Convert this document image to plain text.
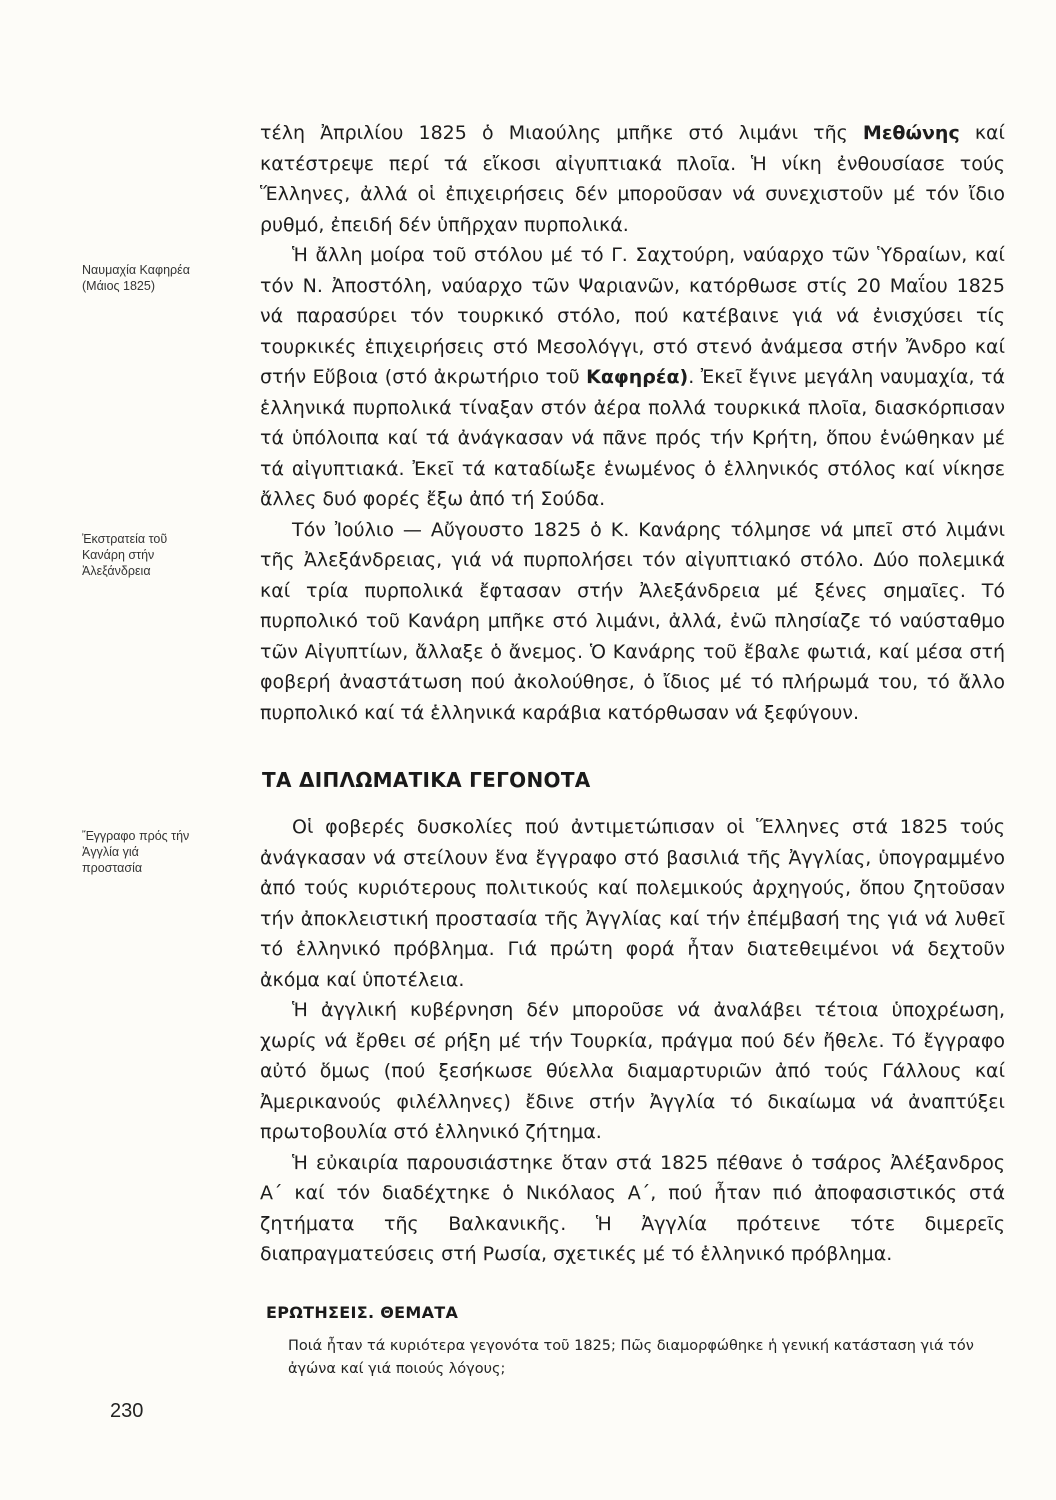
Ναυμαχία Καφηρέα
(Μάιος 1825)
Ἐκστρατεία τοῦ
Κανάρη στήν
Ἀλεξάνδρεια
Ἔγγραφο πρός τήν
Ἀγγλία γιά
προστασία

τέλη Ἀπριλίου 1825 ὁ Μιαούλης μπῆκε στό λιμάνι τῆς Μεθώνης καί κατέστρεψε περί τά εἴκοσι αἰγυπτιακά πλοῖα. Ἡ νίκη ἐνθουσίασε τούς Ἕλληνες, ἀλλά οἱ ἐπιχειρήσεις δέν μποροῦσαν νά συνεχιστοῦν μέ τόν ἴδιο ρυθμό, ἐπειδή δέν ὑπῆρχαν πυρπολικά.

Ἡ ἄλλη μοίρα τοῦ στόλου μέ τό Γ. Σαχτούρη, ναύαρχο τῶν Ὑδραίων, καί τόν Ν. Ἀποστόλη, ναύαρχο τῶν Ψαριανῶν, κατόρθωσε στίς 20 Μαΐου 1825 νά παρασύρει τόν τουρκικό στόλο, πού κατέβαινε γιά νά ἐνισχύσει τίς τουρκικές ἐπιχειρήσεις στό Μεσολόγγι, στό στενό ἀνάμεσα στήν Ἄνδρο καί στήν Εὔβοια (στό ἀκρωτήριο τοῦ Καφηρέα). Ἐκεῖ ἔγινε μεγάλη ναυμαχία, τά ἑλληνικά πυρπολικά τίναξαν στόν ἀέρα πολλά τουρκικά πλοῖα, διασκόρπισαν τά ὑπόλοιπα καί τά ἀνάγκασαν νά πᾶνε πρός τήν Κρήτη, ὅπου ἑνώθηκαν μέ τά αἰγυπτιακά. Ἐκεῖ τά καταδίωξε ἑνωμένος ὁ ἑλληνικός στόλος καί νίκησε ἄλλες δυό φορές ἔξω ἀπό τή Σούδα.

Τόν Ἰούλιο — Αὔγουστο 1825 ὁ Κ. Κανάρης τόλμησε νά μπεῖ στό λιμάνι τῆς Ἀλεξάνδρειας, γιά νά πυρπολήσει τόν αἰγυπτιακό στόλο. Δύο πολεμικά καί τρία πυρπολικά ἔφτασαν στήν Ἀλεξάνδρεια μέ ξένες σημαῖες. Τό πυρπολικό τοῦ Κανάρη μπῆκε στό λιμάνι, ἀλλά, ἐνῶ πλησίαζε τό ναύσταθμο τῶν Αἰγυπτίων, ἄλλαξε ὁ ἄνεμος. Ὁ Κανάρης τοῦ ἔβαλε φωτιά, καί μέσα στή φοβερή ἀναστάτωση πού ἀκολούθησε, ὁ ἴδιος μέ τό πλήρωμά του, τό ἄλλο πυρπολικό καί τά ἑλληνικά καράβια κατόρθωσαν νά ξεφύγουν.

ΤΑ ΔΙΠΛΩΜΑΤΙΚΑ ΓΕΓΟΝΟΤΑ

Οἱ φοβερές δυσκολίες πού ἀντιμετώπισαν οἱ Ἕλληνες στά 1825 τούς ἀνάγκασαν νά στείλουν ἕνα ἔγγραφο στό βασιλιά τῆς Ἀγγλίας, ὑπογραμμένο ἀπό τούς κυριότερους πολιτικούς καί πολεμικούς ἀρχηγούς, ὅπου ζητοῦσαν τήν ἀποκλειστική προστασία τῆς Ἀγγλίας καί τήν ἐπέμβασή της γιά νά λυθεῖ τό ἑλληνικό πρόβλημα. Γιά πρώτη φορά ἦταν διατεθειμένοι νά δεχτοῦν ἀκόμα καί ὑποτέλεια.

Ἡ ἀγγλική κυβέρνηση δέν μποροῦσε νά ἀναλάβει τέτοια ὑποχρέωση, χωρίς νά ἔρθει σέ ρήξη μέ τήν Τουρκία, πράγμα πού δέν ἤθελε. Τό ἔγγραφο αὐτό ὅμως (πού ξεσήκωσε θύελλα διαμαρτυριῶν ἀπό τούς Γάλλους καί Ἀμερικανούς φιλέλληνες) ἔδινε στήν Ἀγγλία τό δικαίωμα νά ἀναπτύξει πρωτοβουλία στό ἑλληνικό ζήτημα.

Ἡ εὐκαιρία παρουσιάστηκε ὅταν στά 1825 πέθανε ὁ τσάρος Ἀλέξανδρος Α΄ καί τόν διαδέχτηκε ὁ Νικόλαος Α΄, πού ἦταν πιό ἀποφασιστικός στά ζητήματα τῆς Βαλκανικῆς. Ἡ Ἀγγλία πρότεινε τότε διμερεῖς διαπραγματεύσεις στή Ρωσία, σχετικές μέ τό ἑλληνικό πρόβλημα.

ΕΡΩΤΗΣΕΙΣ. ΘΕΜΑΤΑ
Ποιά ἦταν τά κυριότερα γεγονότα τοῦ 1825; Πῶς διαμορφώθηκε ἡ γενική κατάσταση γιά τόν ἀγώνα καί γιά ποιούς λόγους;
230
